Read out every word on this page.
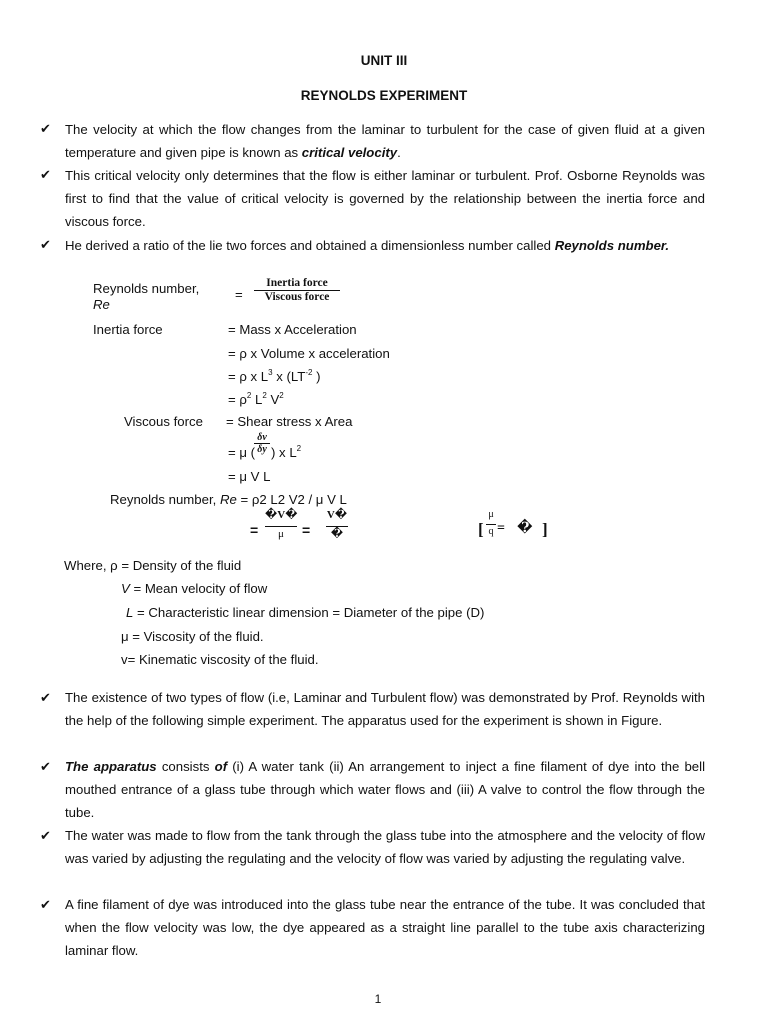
UNIT III
REYNOLDS EXPERIMENT
✔ The velocity at which the flow changes from the laminar to turbulent for the case of given fluid at a given temperature and given pipe is known as critical velocity.
✔ This critical velocity only determines that the flow is either laminar or turbulent. Prof. Osborne Reynolds was first to find that the value of critical velocity is governed by the relationship between the inertia force and viscous force.
✔ He derived a ratio of the lie two forces and obtained a dimensionless number called Reynolds number.
Reynolds number,
Re
=
Inertia force
Viscous force
Inertia force	= Mass x Acceleration
= ρ x Volume x acceleration
= ρ x $L^3$ x ($LT^{-2}$ )
= $\rho^2$ $L^2$ $V^2$
Viscous force = Shear stress x Area
= μ (
$\frac{\delta v}{\delta y}$ ) x $L^2$
= μ V L
Reynolds number, Re = ρ2 L2 V2 / μ V L
= $\frac{�V�}{\mu}$ =
V�
�	[ $\frac{\mu}{q}$ = � ]
Where, ρ = Density of the fluid
V = Mean velocity of flow
L = Characteristic linear dimension = Diameter of the pipe (D)
μ = Viscosity of the fluid.
v= Kinematic viscosity of the fluid.
✔ The existence of two types of flow (i.e, Laminar and Turbulent flow) was demonstrated by Prof. Reynolds with the help of the following simple experiment. The apparatus used for the experiment is shown in Figure.
✔ The apparatus consists of (i) A water tank (ii) An arrangement to inject a fine filament of dye into the bell mouthed entrance of a glass tube through which water flows and (iii) A valve to control the flow through the tube.
✔ The water was made to flow from the tank through the glass tube into the atmosphere and the velocity of flow was varied by adjusting the regulating and the velocity of flow was varied by adjusting the regulating valve.
✔ A fine filament of dye was introduced into the glass tube near the entrance of the tube. It was concluded that when the flow velocity was low, the dye appeared as a straight line parallel to the tube axis characterizing laminar flow.
1
